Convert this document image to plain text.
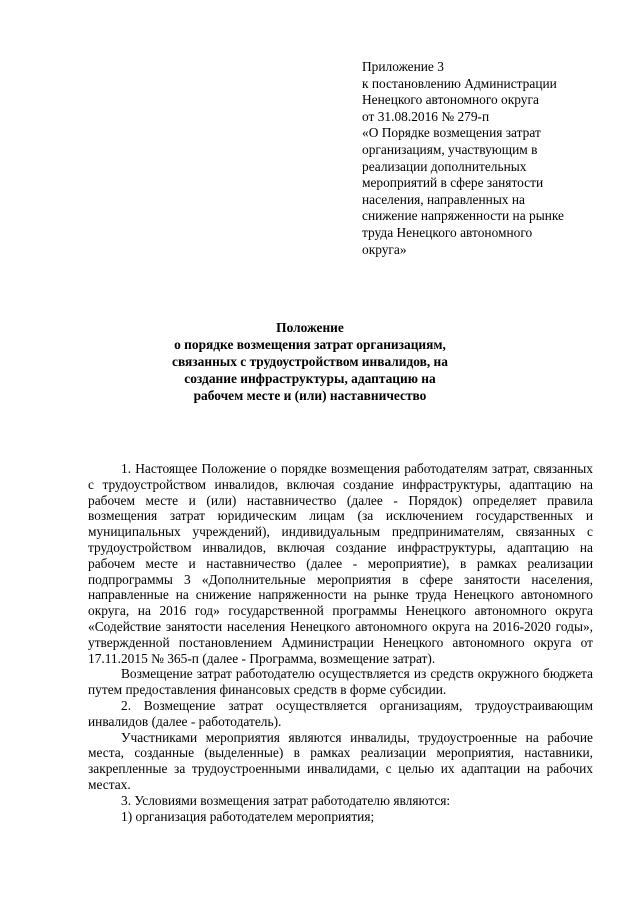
Приложение 3
к постановлению Администрации
Ненецкого автономного округа
от 31.08.2016 № 279-п
«О Порядке возмещения затрат
организациям, участвующим в
реализации дополнительных
мероприятий в сфере занятости
населения, направленных на
снижение напряженности на рынке
труда Ненецкого автономного
округа»
Положение
о порядке возмещения затрат организациям,
связанных с трудоустройством инвалидов, на
создание инфраструктуры, адаптацию на
рабочем месте и (или) наставничество

1. Настоящее Положение о порядке возмещения работодателям затрат, связанных с трудоустройством инвалидов, включая создание инфраструктуры, адаптацию на рабочем месте и (или) наставничество (далее - Порядок) определяет правила возмещения затрат юридическим лицам (за исключением государственных и муниципальных учреждений), индивидуальным предпринимателям, связанных с трудоустройством инвалидов, включая создание инфраструктуры, адаптацию на рабочем месте и наставничество (далее - мероприятие), в рамках реализации подпрограммы 3 «Дополнительные мероприятия в сфере занятости населения, направленные на снижение напряженности на рынке труда Ненецкого автономного округа, на 2016 год» государственной программы Ненецкого автономного округа «Содействие занятости населения Ненецкого автономного округа на 2016-2020 годы», утвержденной постановлением Администрации Ненецкого автономного округа от 17.11.2015 № 365-п (далее - Программа, возмещение затрат).

Возмещение затрат работодателю осуществляется из средств окружного бюджета путем предоставления финансовых средств в форме субсидии.

2. Возмещение затрат осуществляется организациям, трудоустраивающим инвалидов (далее - работодатель).

Участниками мероприятия являются инвалиды, трудоустроенные на рабочие места, созданные (выделенные) в рамках реализации мероприятия, наставники, закрепленные за трудоустроенными инвалидами, с целью их адаптации на рабочих местах.

3. Условиями возмещения затрат работодателю являются:

1) организация работодателем мероприятия;
